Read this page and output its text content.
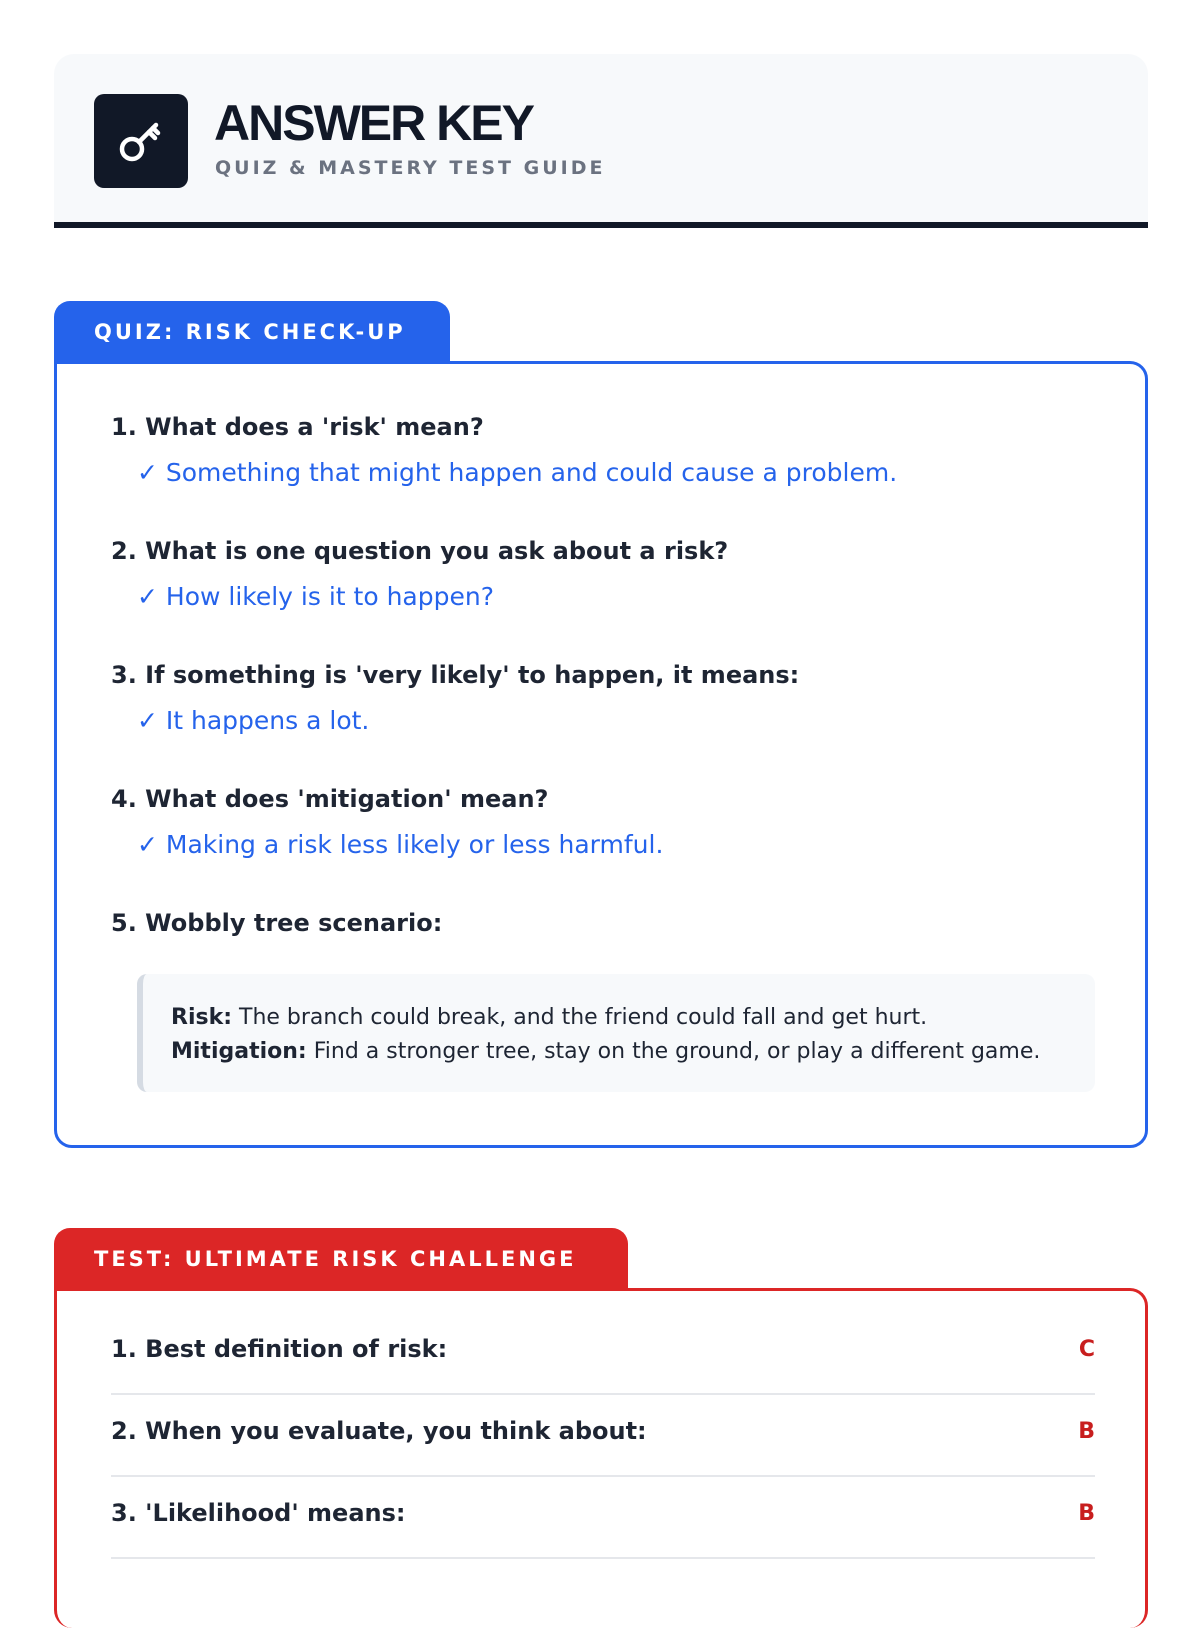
ANSWER KEY
QUIZ & MASTERY TEST GUIDE
QUIZ: RISK CHECK-UP
1. What does a 'risk' mean?
✓ Something that might happen and could cause a problem.
2. What is one question you ask about a risk?
✓ How likely is it to happen?
3. If something is 'very likely' to happen, it means:
✓ It happens a lot.
4. What does 'mitigation' mean?
✓ Making a risk less likely or less harmful.
5. Wobbly tree scenario:
Risk: The branch could break, and the friend could fall and get hurt.
Mitigation: Find a stronger tree, stay on the ground, or play a different game.
TEST: ULTIMATE RISK CHALLENGE
1. Best definition of risk:	C
2. When you evaluate, you think about:	B
3. 'Likelihood' means:	B
